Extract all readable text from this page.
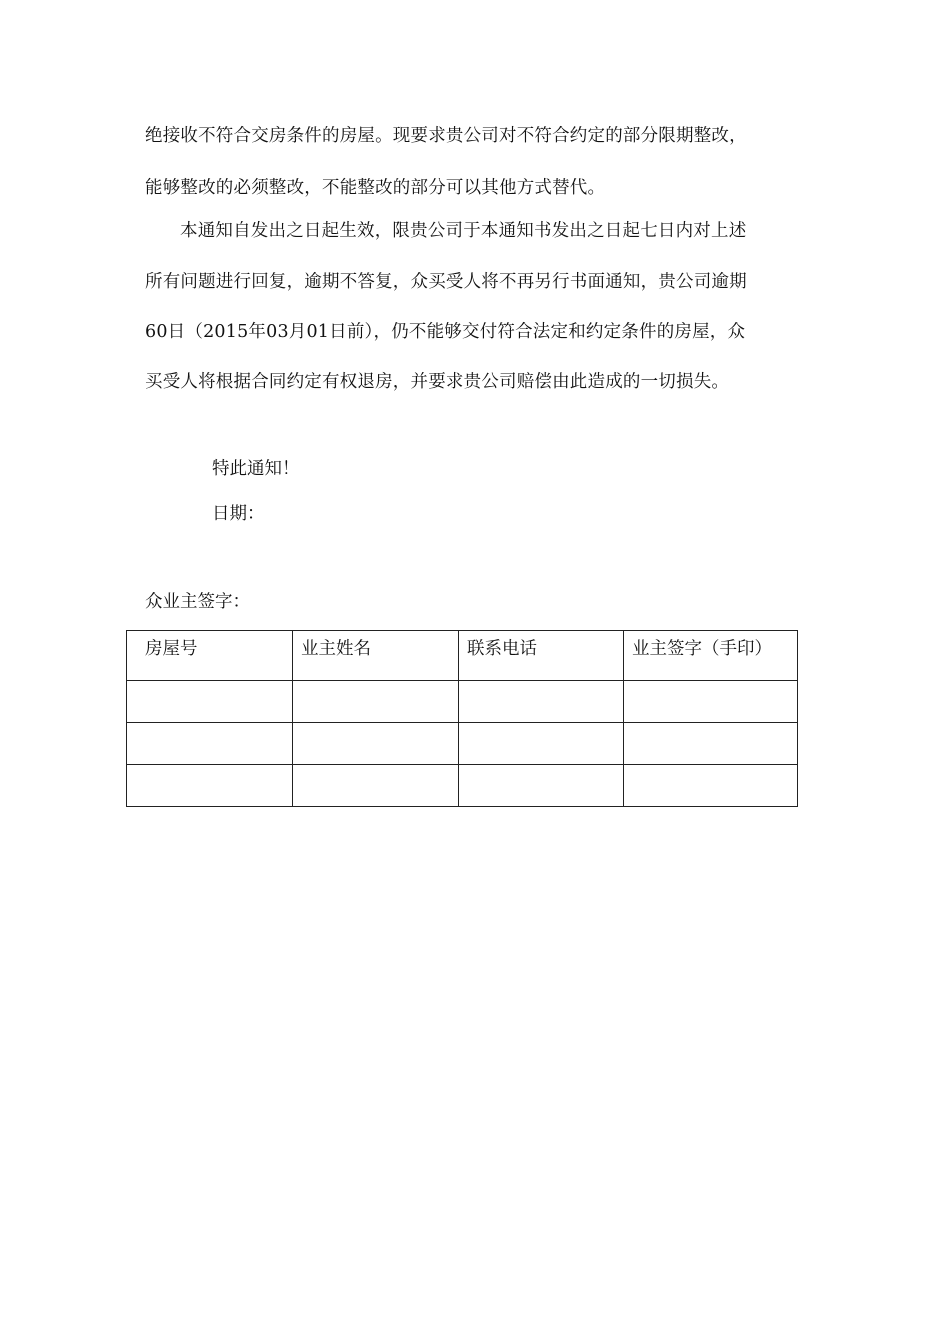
绝接收不符合交房条件的房屋。现要求贵公司对不符合约定的部分限期整改，
能够整改的必须整改，不能整改的部分可以其他方式替代。
本通知自发出之日起生效，限贵公司于本通知书发出之日起七日内对上述
所有问题进行回复，逾期不答复，众买受人将不再另行书面通知，贵公司逾期
60日（2015年03月01日前），仍不能够交付符合法定和约定条件的房屋，众
买受人将根据合同约定有权退房，并要求贵公司赔偿由此造成的一切损失。
特此通知！
日期：
众业主签字：
房屋号	业主姓名	联系电话	业主签字（手印）
